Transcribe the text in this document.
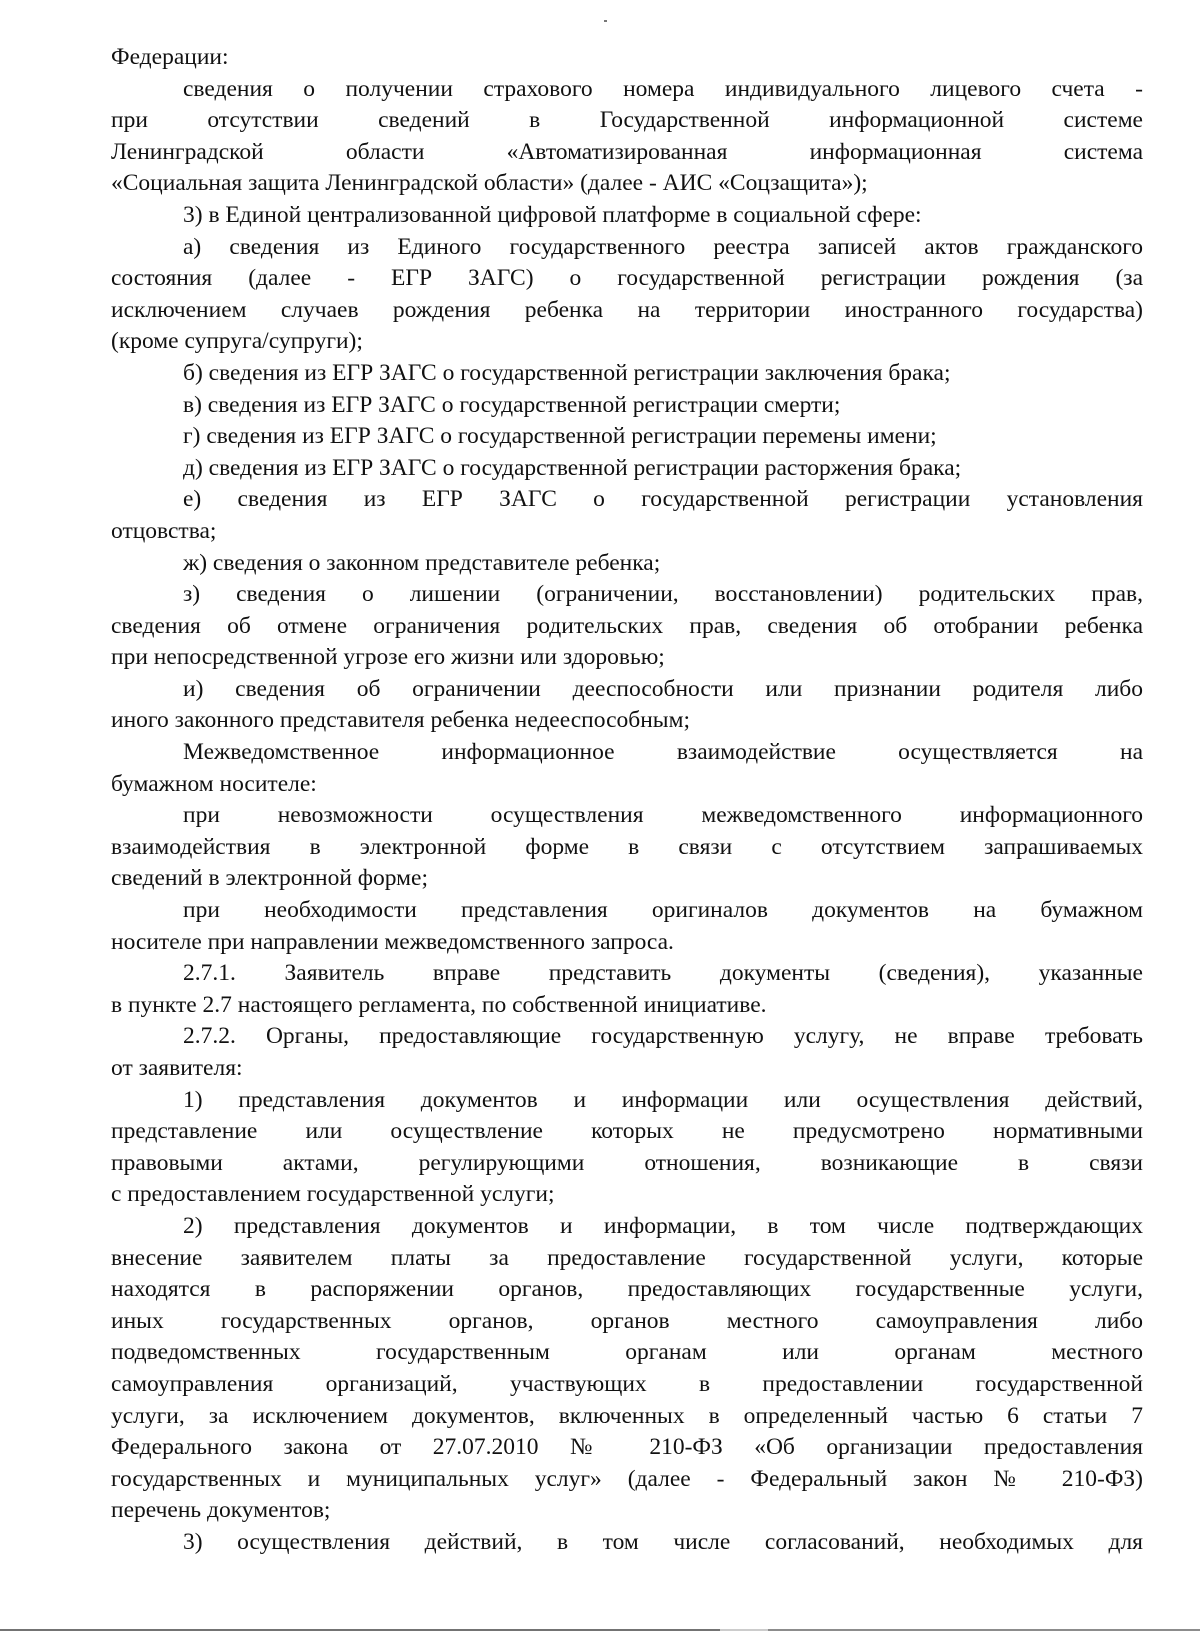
Федерации:
сведения о получении страхового номера индивидуального лицевого счета -
при отсутствии сведений в Государственной информационной системе
Ленинградской области «Автоматизированная информационная система
«Социальная защита Ленинградской области» (далее - АИС «Соцзащита»);
3) в Единой централизованной цифровой платформе в социальной сфере:
а) сведения из Единого государственного реестра записей актов гражданского
состояния (далее - ЕГР ЗАГС) о государственной регистрации рождения (за
исключением случаев рождения ребенка на территории иностранного государства)
(кроме супруга/супруги);
б) сведения из ЕГР ЗАГС о государственной регистрации заключения брака;
в) сведения из ЕГР ЗАГС о государственной регистрации смерти;
г) сведения из ЕГР ЗАГС о государственной регистрации перемены имени;
д) сведения из ЕГР ЗАГС о государственной регистрации расторжения брака;
е) сведения из ЕГР ЗАГС о государственной регистрации установления
отцовства;
ж) сведения о законном представителе ребенка;
з) сведения о лишении (ограничении, восстановлении) родительских прав,
сведения об отмене ограничения родительских прав, сведения об отобрании ребенка
при непосредственной угрозе его жизни или здоровью;
и) сведения об ограничении дееспособности или признании родителя либо
иного законного представителя ребенка недееспособным;
Межведомственное информационное взаимодействие осуществляется на
бумажном носителе:
при невозможности осуществления межведомственного информационного
взаимодействия в электронной форме в связи с отсутствием запрашиваемых
сведений в электронной форме;
при необходимости представления оригиналов документов на бумажном
носителе при направлении межведомственного запроса.
2.7.1. Заявитель вправе представить документы (сведения), указанные
в пункте 2.7 настоящего регламента, по собственной инициативе.
2.7.2. Органы, предоставляющие государственную услугу, не вправе требовать
от заявителя:
1) представления документов и информации или осуществления действий,
представление или осуществление которых не предусмотрено нормативными
правовыми актами, регулирующими отношения, возникающие в связи
с предоставлением государственной услуги;
2) представления документов и информации, в том числе подтверждающих
внесение заявителем платы за предоставление государственной услуги, которые
находятся в распоряжении органов, предоставляющих государственные услуги,
иных государственных органов, органов местного самоуправления либо
подведомственных государственным органам или органам местного
самоуправления организаций, участвующих в предоставлении государственной
услуги, за исключением документов, включенных в определенный частью 6 статьи 7
Федерального закона от 27.07.2010 № 210-ФЗ «Об организации предоставления
государственных и муниципальных услуг» (далее - Федеральный закон № 210-ФЗ)
перечень документов;
3) осуществления действий, в том числе согласований, необходимых для
